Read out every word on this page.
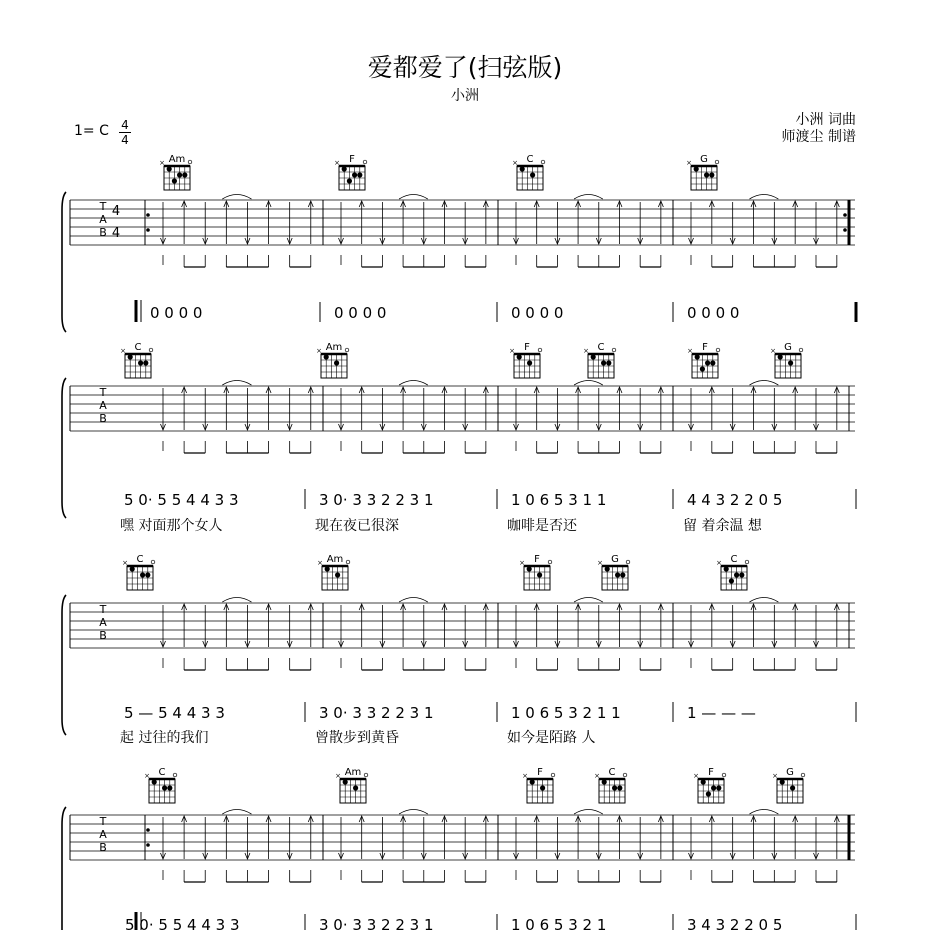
爱都爱了(扫弦版)
小洲
1= C 4
4
小洲 词曲
师渡尘 制谱
T
A
B
4
4
Am
×	F
×	C
×	G
×
0 0 0 0	0 0 0 0	0 0 0 0	0 0 0 0
T
A
B
C
×	Am
×	F
×	C
×	F
×	G
×
5 0· 5 5 4 4 3 3	3 0· 3 3 2 2 3 1	1 0 6 5 3 1 1	4 4 3 2 2 0 5
嘿 对面那个女人	现在夜已很深	咖啡是否还	留 着余温 想
T
A
B
C
×	Am
×	F
×	G
×	C
×
5 — 5 4 4 3 3	3 0· 3 3 2 2 3 1	1 0 6 5 3 2 1 1	1 — — —
起 过往的我们	曾散步到黄昏	如今是陌路 人
T
A
B
C
×	Am
×	F
×	C
×	F
×	G
×
5 0· 5 5 4 4 3 3	3 0· 3 3 2 2 3 1	1 0 6 5 3 2 1	3 4 3 2 2 0 5
